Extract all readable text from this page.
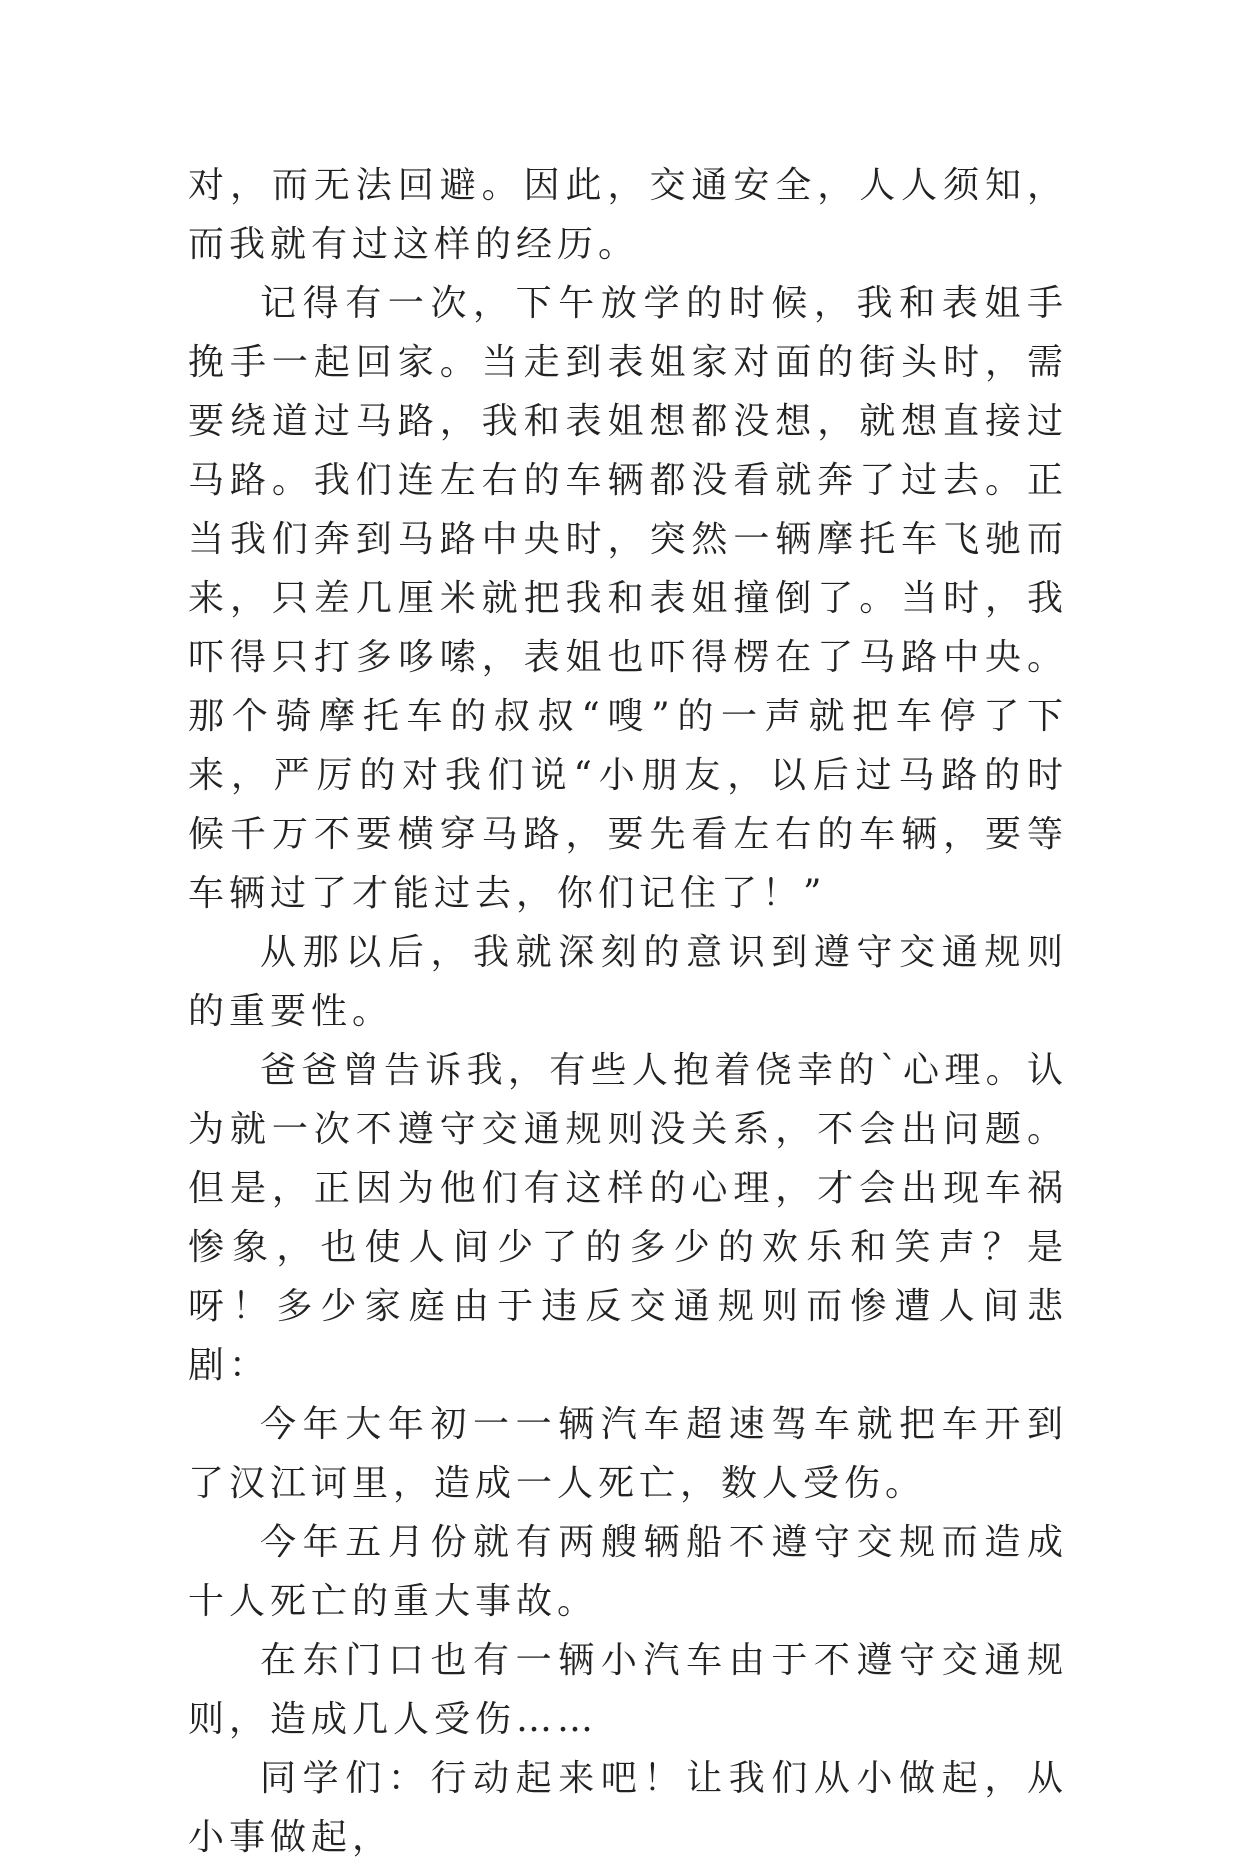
对，而无法回避。因此，交通安全，人人须知，而我就有过这样的经历。

记得有一次，下午放学的时候，我和表姐手挽手一起回家。当走到表姐家对面的街头时，需要绕道过马路，我和表姐想都没想，就想直接过马路。我们连左右的车辆都没看就奔了过去。正当我们奔到马路中央时，突然一辆摩托车飞驰而来，只差几厘米就把我和表姐撞倒了。当时，我吓得只打多哆嗦，表姐也吓得楞在了马路中央。那个骑摩托车的叔叔“嗖”的一声就把车停了下来，严厉的对我们说“小朋友，以后过马路的时候千万不要横穿马路，要先看左右的车辆，要等车辆过了才能过去，你们记住了！”

从那以后，我就深刻的意识到遵守交通规则的重要性。

爸爸曾告诉我，有些人抱着侥幸的`心理。认为就一次不遵守交通规则没关系，不会出问题。但是，正因为他们有这样的心理，才会出现车祸惨象，也使人间少了的多少的欢乐和笑声？是呀！多少家庭由于违反交通规则而惨遭人间悲剧：

今年大年初一一辆汽车超速驾车就把车开到了汉江诃里，造成一人死亡，数人受伤。

今年五月份就有两艘辆船不遵守交规而造成十人死亡的重大事故。

在东门口也有一辆小汽车由于不遵守交通规则，造成几人受伤……

同学们：行动起来吧！让我们从小做起，从小事做起，
